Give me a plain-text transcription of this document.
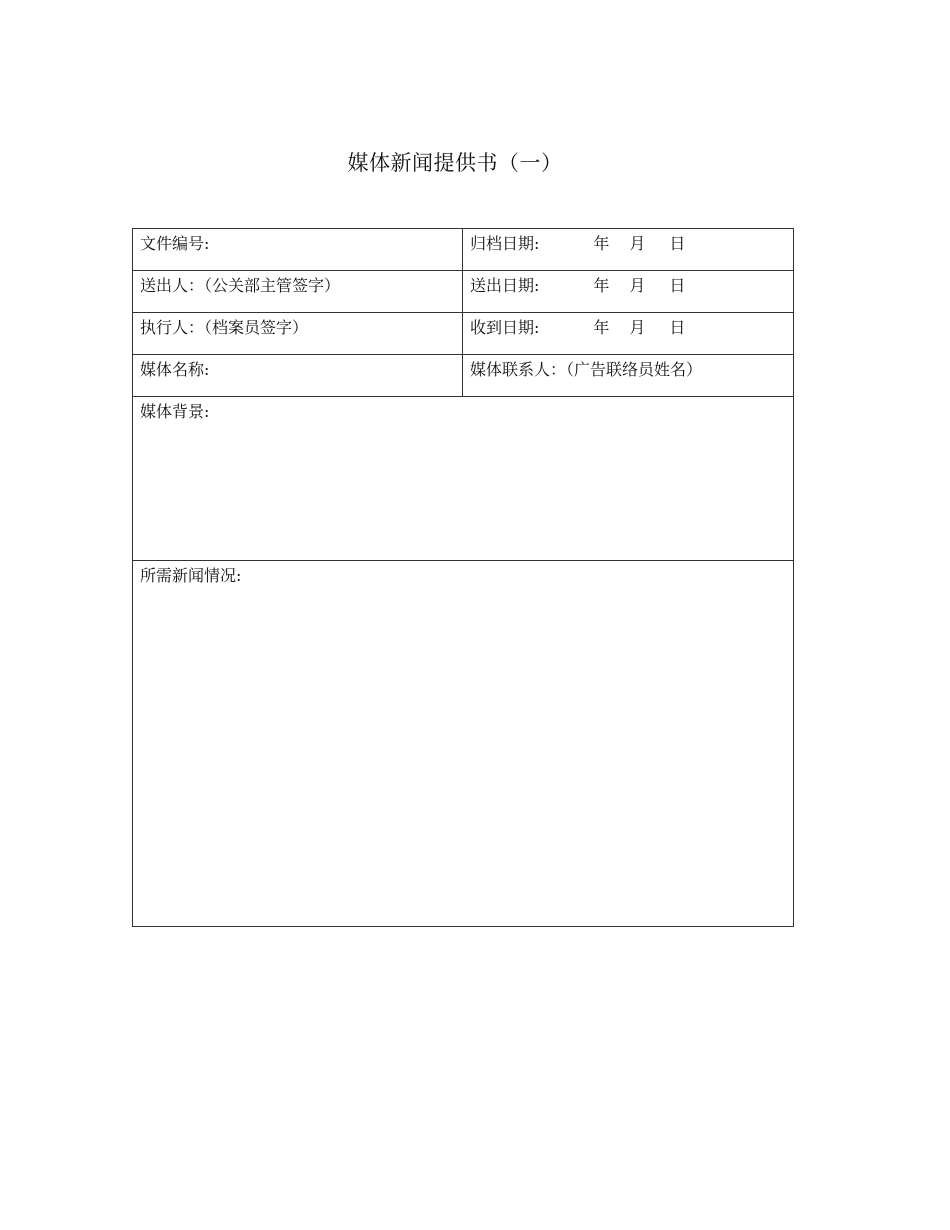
媒体新闻提供书（一）
文件编号:	归档日期: 年 月 日
送出人：（公关部主管签字）	送出日期: 年 月 日
执行人：（档案员签字）	收到日期: 年 月 日
媒体名称:	媒体联系人：（广告联络员姓名）
媒体背景:	
所需新闻情况:	
